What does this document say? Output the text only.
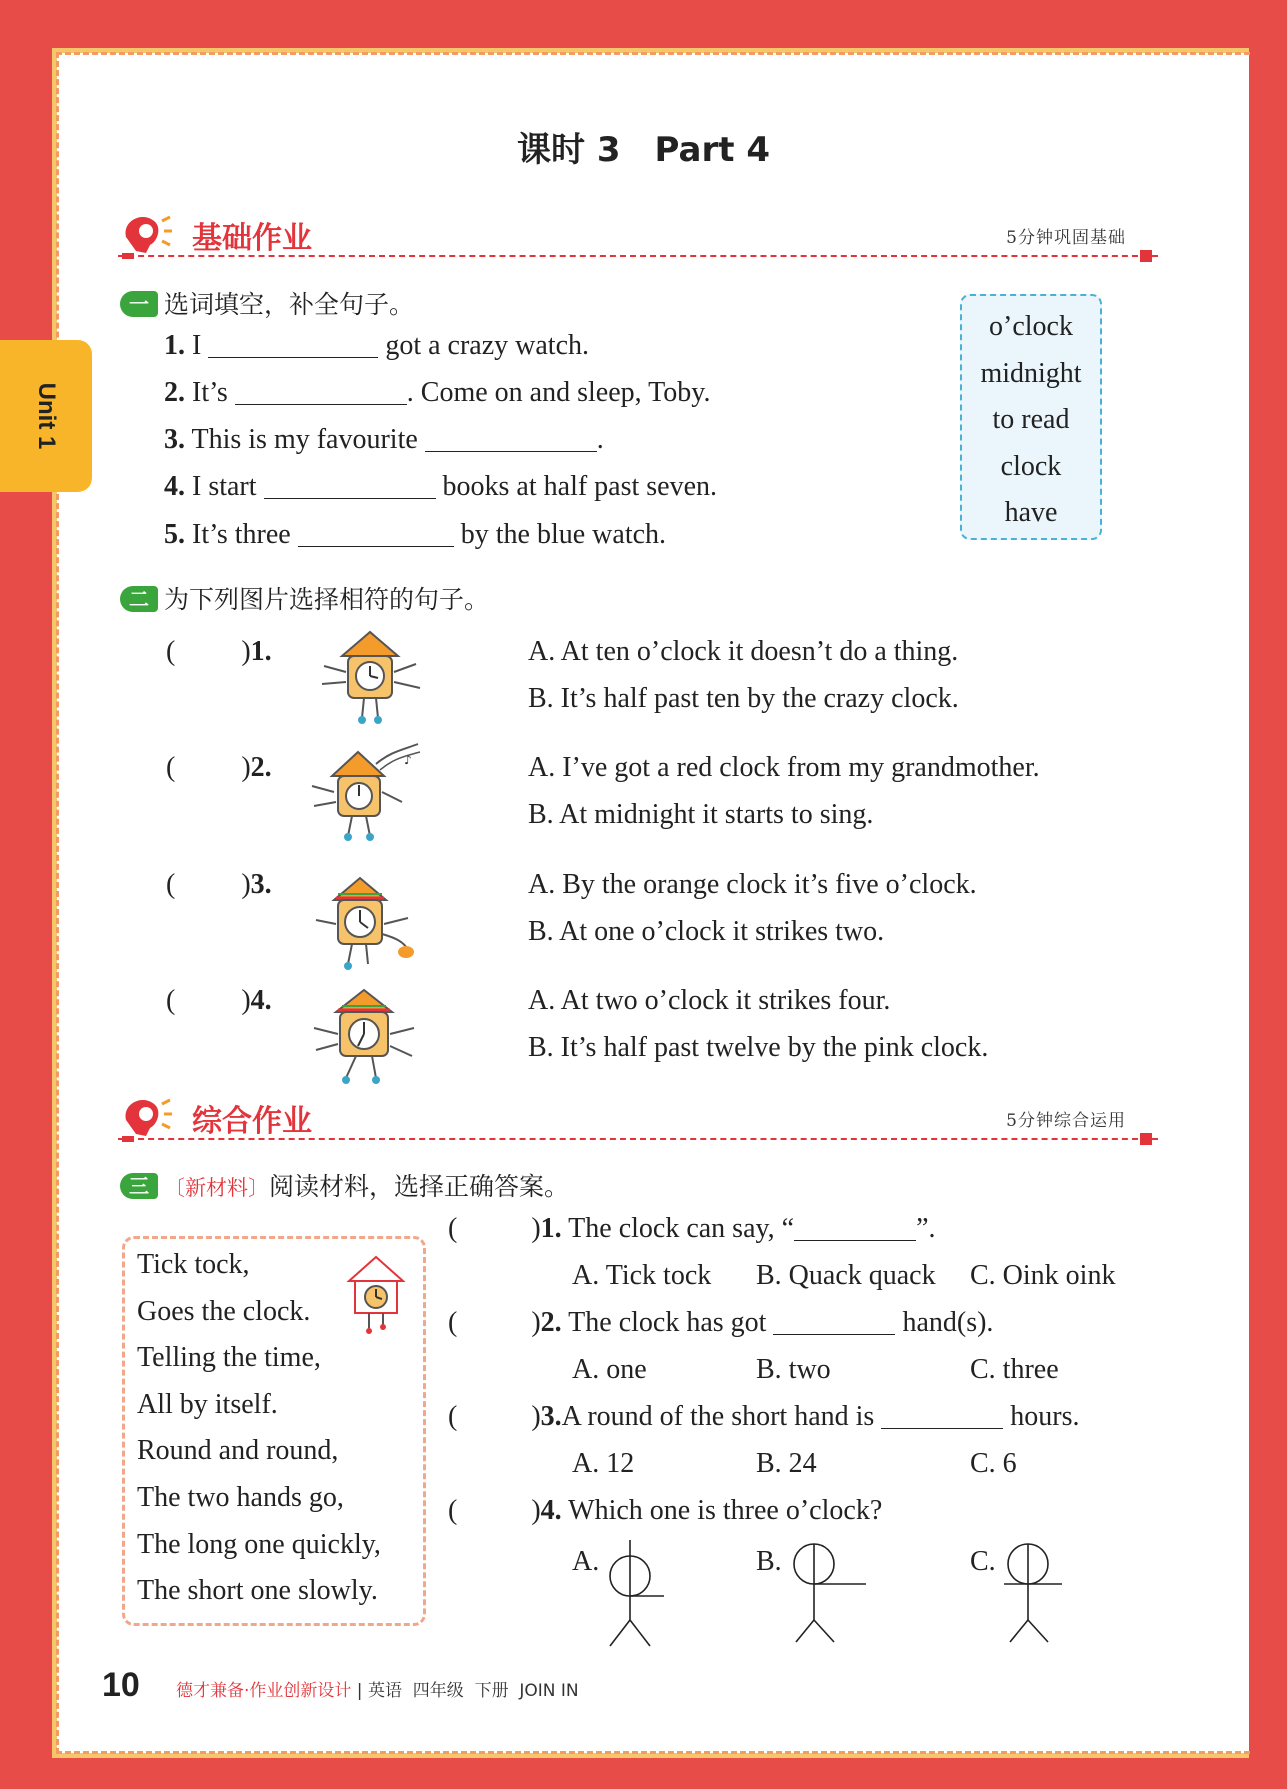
Unit 1
课时 3　Part 4
基础作业	5分钟巩固基础
一 选词填空，补全句子。
1. I	got a crazy watch.
2. It’s	. Come on and sleep, Toby.
3. This is my favourite	.
4. I start	books at half past seven.
5. It’s three	by the blue watch.
o’clock
midnight
to read
clock
have
二 为下列图片选择相符的句子。
( )1.	A. At ten o’clock it doesn’t do a thing.
B. It’s half past ten by the crazy clock.
( )2.	♪	A. I’ve got a red clock from my grandmother.
B. At midnight it starts to sing.
( )3.	A. By the orange clock it’s five o’clock.
B. At one o’clock it strikes two.
( )4.	A. At two o’clock it strikes four.
B. It’s half past twelve by the pink clock.
综合作业	5分钟综合运用
三 〔新材料〕阅读材料，选择正确答案。
Tick tock,
Goes the clock.
Telling the time,
All by itself.
Round and round,
The two hands go,
The long one quickly,
The short one slowly.
(	)1. The clock can say, “	”.
A. Tick tock B. Quack quack C. Oink oink
(	)2. The clock has got	hand(s).
A. one	B. two	C. three
(	)3.A round of the short hand is	hours.
A. 12	B. 24	C. 6
(	)4. Which one is three o’clock?
A.	B.	C.
10 德才兼备·作业创新设计 | 英语 四年级 下册 JOIN IN
